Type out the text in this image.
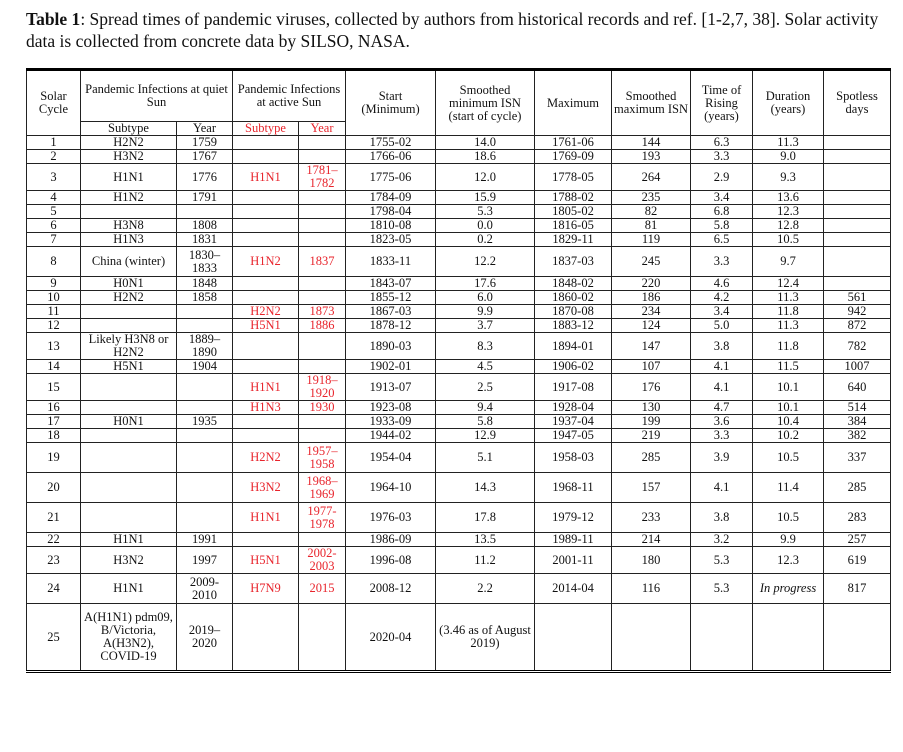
Table 1: Spread times of pandemic viruses, collected by authors from historical records and ref. [1-2,7, 38]. Solar activity data is collected from concrete data by SILSO, NASA.
Solar Cycle	Pandemic Infections at quiet Sun		Pandemic Infections at active Sun		Start (Minimum)	Smoothed minimum ISN (start of cycle)	Maximum	Smoothed maximum ISN	Time of Rising (years)	Duration (years)	Spotless days
	Subtype	Year	Subtype	Year							
1	H2N2	1759			1755-02	14.0	1761-06	144	6.3	11.3	
2	H3N2	1767			1766-06	18.6	1769-09	193	3.3	9.0	
3	H1N1	1776	H1N1	1781–1782	1775-06	12.0	1778-05	264	2.9	9.3	
4	H1N2	1791			1784-09	15.9	1788-02	235	3.4	13.6	
5					1798-04	5.3	1805-02	82	6.8	12.3	
6	H3N8	1808			1810-08	0.0	1816-05	81	5.8	12.8	
7	H1N3	1831			1823-05	0.2	1829-11	119	6.5	10.5	
8	China (winter)	1830–1833	H1N2	1837	1833-11	12.2	1837-03	245	3.3	9.7	
9	H0N1	1848			1843-07	17.6	1848-02	220	4.6	12.4	
10	H2N2	1858			1855-12	6.0	1860-02	186	4.2	11.3	561
11			H2N2	1873	1867-03	9.9	1870-08	234	3.4	11.8	942
12			H5N1	1886	1878-12	3.7	1883-12	124	5.0	11.3	872
13	Likely H3N8 or H2N2	1889–1890			1890-03	8.3	1894-01	147	3.8	11.8	782
14	H5N1	1904			1902-01	4.5	1906-02	107	4.1	11.5	1007
15			H1N1	1918–1920	1913-07	2.5	1917-08	176	4.1	10.1	640
16			H1N3	1930	1923-08	9.4	1928-04	130	4.7	10.1	514
17	H0N1	1935			1933-09	5.8	1937-04	199	3.6	10.4	384
18					1944-02	12.9	1947-05	219	3.3	10.2	382
19			H2N2	1957–1958	1954-04	5.1	1958-03	285	3.9	10.5	337
20			H3N2	1968–1969	1964-10	14.3	1968-11	157	4.1	11.4	285
21			H1N1	1977-1978	1976-03	17.8	1979-12	233	3.8	10.5	283
22	H1N1	1991			1986-09	13.5	1989-11	214	3.2	9.9	257
23	H3N2	1997	H5N1	2002-2003	1996-08	11.2	2001-11	180	5.3	12.3	619
24	H1N1	2009-2010	H7N9	2015	2008-12	2.2	2014-04	116	5.3	In progress	817
25	A(H1N1) pdm09, B/Victoria, A(H3N2), COVID-19	2019–2020			2020-04	(3.46 as of August 2019)					
